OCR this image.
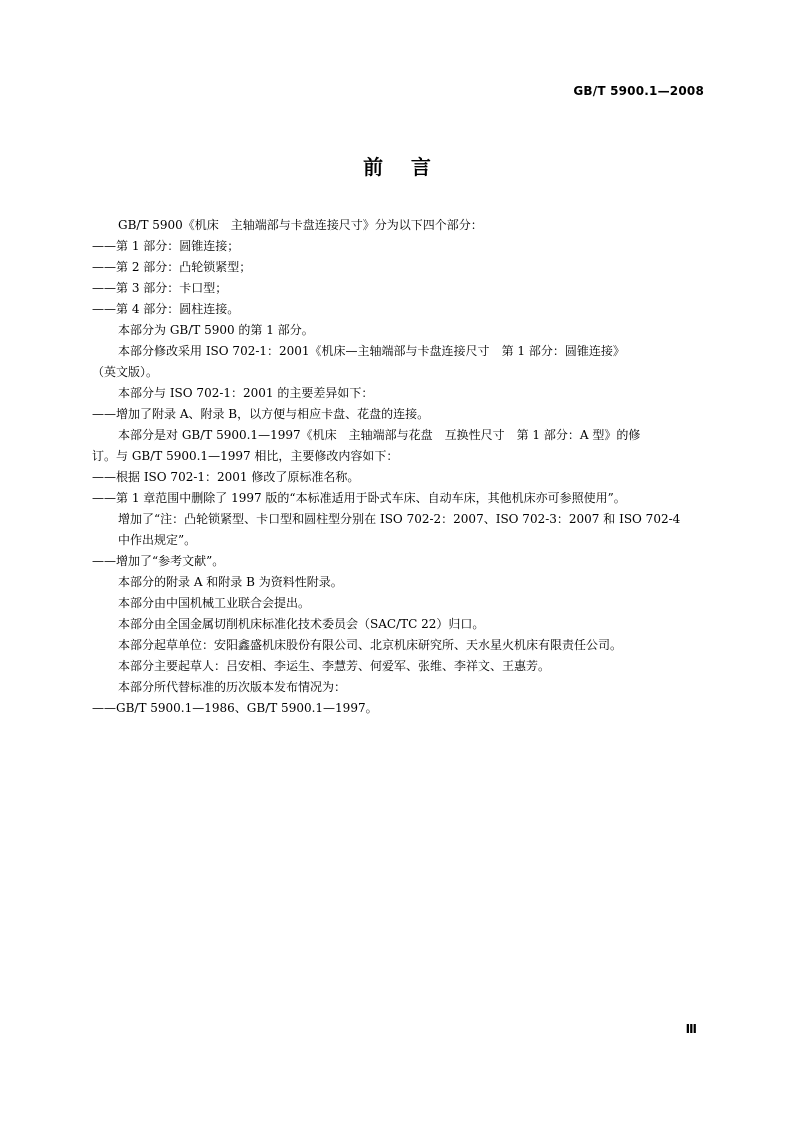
GB/T 5900.1—2008
前    言

GB/T 5900《机床　主轴端部与卡盘连接尺寸》分为以下四个部分：

——第 1 部分：圆锥连接；

——第 2 部分：凸轮锁紧型；

——第 3 部分：卡口型；

——第 4 部分：圆柱连接。

本部分为 GB/T 5900 的第 1 部分。

本部分修改采用 ISO 702-1：2001《机床—主轴端部与卡盘连接尺寸　第 1 部分：圆锥连接》

（英文版）。

本部分与 ISO 702-1：2001 的主要差异如下：

——增加了附录 A、附录 B，以方便与相应卡盘、花盘的连接。

本部分是对 GB/T 5900.1—1997《机床　主轴端部与花盘　互换性尺寸　第 1 部分：A 型》的修

订。与 GB/T 5900.1—1997 相比，主要修改内容如下：

——根据 ISO 702-1：2001 修改了原标准名称。

——第 1 章范围中删除了 1997 版的“本标准适用于卧式车床、自动车床，其他机床亦可参照使用”。

增加了“注：凸轮锁紧型、卡口型和圆柱型分别在 ISO 702-2：2007、ISO 702-3：2007 和 ISO 702-4

中作出规定”。

——增加了“参考文献”。

本部分的附录 A 和附录 B 为资料性附录。

本部分由中国机械工业联合会提出。

本部分由全国金属切削机床标准化技术委员会（SAC/TC 22）归口。

本部分起草单位：安阳鑫盛机床股份有限公司、北京机床研究所、天水星火机床有限责任公司。

本部分主要起草人：吕安相、李运生、李慧芳、何爱军、张维、李祥文、王惠芳。

本部分所代替标准的历次版本发布情况为：

——GB/T 5900.1—1986、GB/T 5900.1—1997。

Ⅲ
